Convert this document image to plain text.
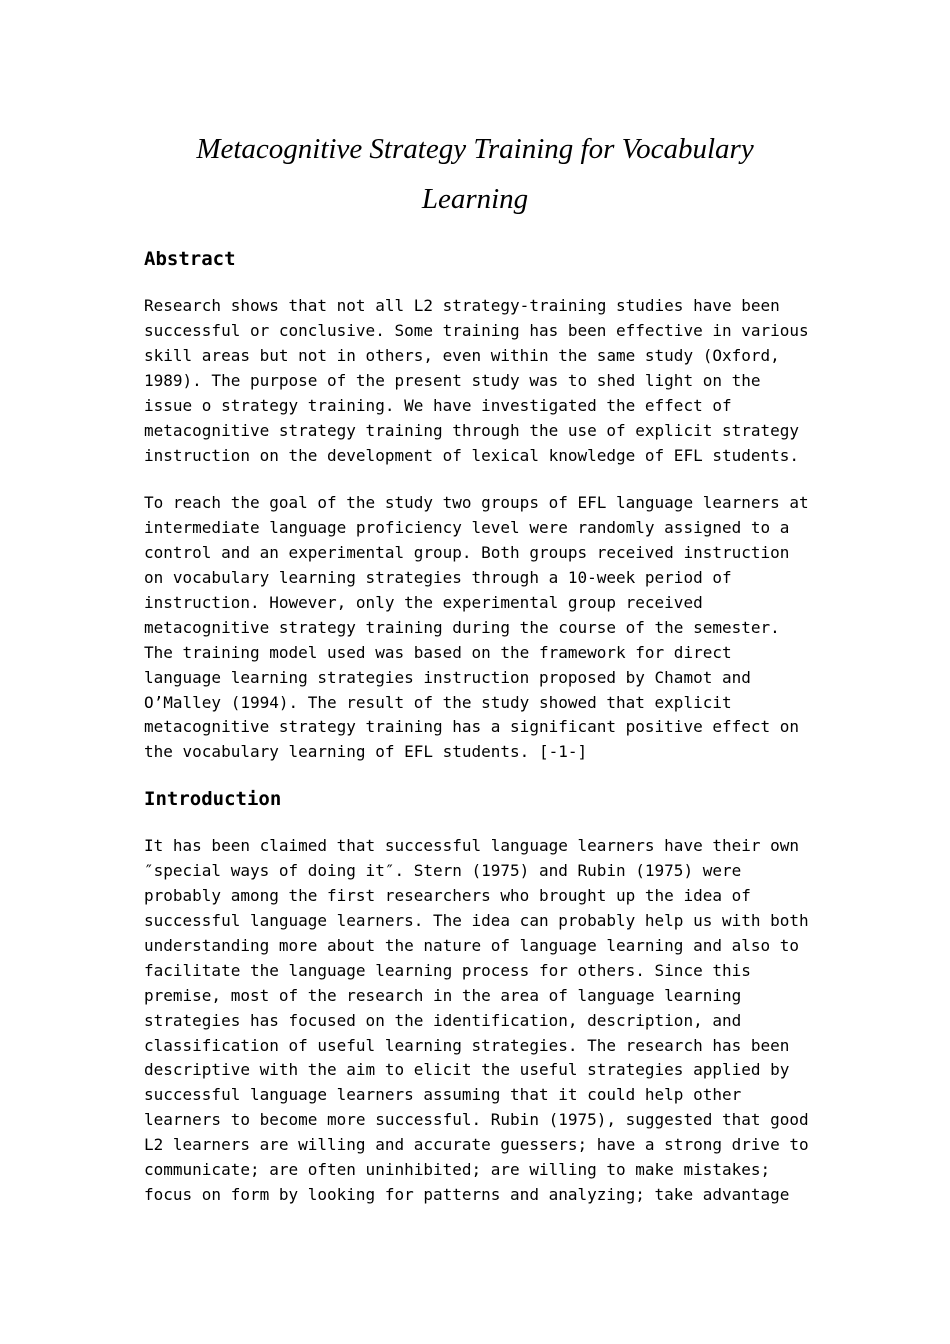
Metacognitive Strategy Training for Vocabulary
Learning
Abstract
Research shows that not all L2 strategy-training studies have been
successful or conclusive. Some training has been effective in various
skill areas but not in others, even within the same study (Oxford,
1989). The purpose of the present study was to shed light on the
issue o strategy training. We have investigated the effect of
metacognitive strategy training through the use of explicit strategy
instruction on the development of lexical knowledge of EFL students.
To reach the goal of the study two groups of EFL language learners at
intermediate language proficiency level were randomly assigned to a
control and an experimental group. Both groups received instruction
on vocabulary learning strategies through a 10-week period of
instruction. However, only the experimental group received
metacognitive strategy training during the course of the semester.
The training model used was based on the framework for direct
language learning strategies instruction proposed by Chamot and
O’Malley (1994). The result of the study showed that explicit
metacognitive strategy training has a significant positive effect on
the vocabulary learning of EFL students. [-1-]
Introduction
It has been claimed that successful language learners have their own
″special ways of doing it″. Stern (1975) and Rubin (1975) were
probably among the first researchers who brought up the idea of
successful language learners. The idea can probably help us with both
understanding more about the nature of language learning and also to
facilitate the language learning process for others. Since this
premise, most of the research in the area of language learning
strategies has focused on the identification, description, and
classification of useful learning strategies. The research has been
descriptive with the aim to elicit the useful strategies applied by
successful language learners assuming that it could help other
learners to become more successful. Rubin (1975), suggested that good
L2 learners are willing and accurate guessers; have a strong drive to
communicate; are often uninhibited; are willing to make mistakes;
focus on form by looking for patterns and analyzing; take advantage
